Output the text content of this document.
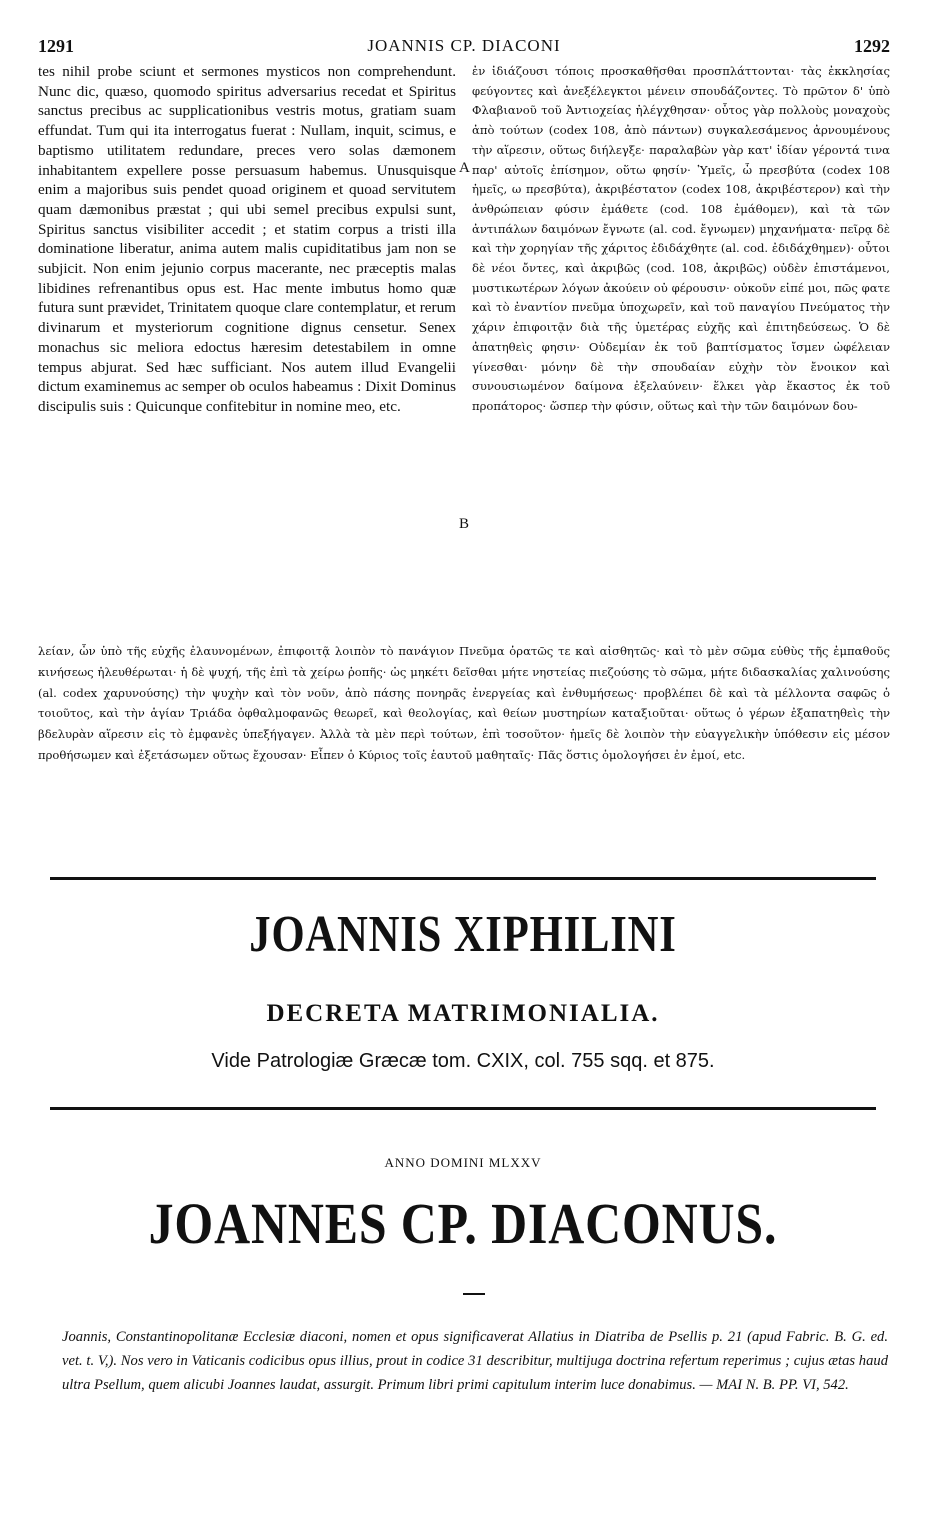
1291	JOANNIS CP. DIACONI	1292
tes nihil probe sciunt et sermones mysticos non comprehendunt. Nunc dic, quæso, quomodo spiritus adversarius recedat et Spiritus sanctus precibus ac supplicationibus vestris motus, gratiam suam effundat. Tum qui ita interrogatus fuerat : Nullam, inquit, scimus, e baptismo utilitatem redundare, preces vero solas dæmonem inhabitantem expellere posse persuasum habemus. Unusquisque enim a majoribus suis pendet quoad originem et quoad servitutem quam dæmonibus præstat ; qui ubi semel precibus expulsi sunt, Spiritus sanctus visibiliter accedit ; et statim corpus a tristi illa dominatione liberatur, anima autem malis cupiditatibus jam non se subjicit. Non enim jejunio corpus macerante, nec præceptis malas libidines refrenantibus opus est. Hac mente imbutus homo quæ futura sunt prævidet, Trinitatem quoque clare contemplatur, et rerum divinarum et mysteriorum cognitione dignus censetur. Senex monachus sic meliora edoctus hæresim detestabilem in omne tempus abjurat. Sed hæc sufficiant. Nos autem illud Evangelii dictum examinemus ac semper ob oculos habeamus : Dixit Dominus discipulis suis : Quicunque confitebitur in nomine meo, etc.
A
B
ἐν ἰδιάζουσι τόποις προσκαθῆσθαι προσπλάττονται· τὰς ἐκκλησίας φεύγοντες καὶ ἀνεξέλεγκτοι μένειν σπουδάζοντες. Τὸ πρῶτον δ' ὑπὸ Φλαβιανοῦ τοῦ Ἀντιοχείας ἠλέγχθησαν· οὗτος γὰρ πολλοὺς μοναχοὺς ἀπὸ τούτων (codex 108, ἀπὸ πάντων) συγκαλεσάμενος ἀρνουμένους τὴν αἵρεσιν, οὕτως διήλεγξε· παραλαβὼν γὰρ κατ' ἰδίαν γέροντά τινα παρ' αὐτοῖς ἐπίσημον, οὕτω φησίν· Ὑμεῖς, ὦ πρεσβύτα (codex 108 ἡμεῖς, ω πρεσβύτα), ἀκριβέστατον (codex 108, ἀκριβέστερον) καὶ τὴν ἀνθρώπειαν φύσιν ἐμάθετε (cod. 108 ἐμάθομεν), καὶ τὰ τῶν ἀντιπάλων δαιμόνων ἔγνωτε (al. cod. ἔγνωμεν) μηχανήματα· πεῖρᾳ δὲ καὶ τὴν χορηγίαν τῆς χάριτος ἐδιδάχθητε (al. cod. ἐδιδάχθημεν)· οὗτοι δὲ νέοι ὄντες, καὶ ἀκριβῶς (cod. 108, ἀκριβῶς) οὐδὲν ἐπιστάμενοι, μυστικωτέρων λόγων ἀκούειν οὐ φέρουσιν· οὐκοῦν εἰπέ μοι, πῶς φατε καὶ τὸ ἐναντίον πνεῦμα ὑποχωρεῖν, καὶ τοῦ παναγίου Πνεύματος τὴν χάριν ἐπιφοιτᾷν διὰ τῆς ὑμετέρας εὐχῆς καὶ ἐπιτηδεύσεως. Ὁ δὲ ἀπατηθεὶς φησιν· Οὐδεμίαν ἐκ τοῦ βαπτίσματος ἴσμεν ὠφέλειαν γίνεσθαι· μόνην δὲ τὴν σπουδαίαν εὐχὴν τὸν ἔνοικον καὶ συνουσιωμένον δαίμονα ἐξελαύνειν· ἕλκει γὰρ ἕκαστος ἐκ τοῦ προπάτορος· ὥσπερ τὴν φύσιν, οὕτως καὶ τὴν τῶν δαιμόνων δου-
λείαν, ὧν ὑπὸ τῆς εὐχῆς ἐλαυνομένων, ἐπιφοιτᾷ λοιπὸν τὸ πανάγιον Πνεῦμα ὁρατῶς τε καὶ αἰσθητῶς· καὶ τὸ μὲν σῶμα εὐθὺς τῆς ἐμπαθοῦς κινήσεως ἠλευθέρωται· ἡ δὲ ψυχή, τῆς ἐπὶ τὰ χείρω ῥοπῆς· ὡς μηκέτι δεῖσθαι μήτε νηστείας πιεζούσης τὸ σῶμα, μήτε διδασκαλίας χαλινούσης (al. codex χαρυνούσης) τὴν ψυχὴν καὶ τὸν νοῦν, ἀπὸ πάσης πονηρᾶς ἐνεργείας καὶ ἐνθυμήσεως· προβλέπει δὲ καὶ τὰ μέλλοντα σαφῶς ὁ τοιοῦτος, καὶ τὴν ἁγίαν Τριάδα ὀφθαλμοφανῶς θεωρεῖ, καὶ θεολογίας, καὶ θείων μυστηρίων καταξιοῦται· οὕτως ὁ γέρων ἐξαπατηθεὶς τὴν βδελυρὰν αἵρεσιν εἰς τὸ ἐμφανὲς ὑπεξήγαγεν. Ἀλλὰ τὰ μὲν περὶ τούτων, ἐπὶ τοσοῦτον· ἡμεῖς δὲ λοιπὸν τὴν εὐαγγελικὴν ὑπόθεσιν εἰς μέσον προθήσωμεν καὶ ἐξετάσωμεν οὕτως ἔχουσαν· Εἶπεν ὁ Κύριος τοῖς ἑαυτοῦ μαθηταῖς· Πᾶς ὅστις ὁμολογήσει ἐν ἐμοί, etc.
JOANNIS XIPHILINI
DECRETA MATRIMONIALIA.
Vide Patrologiæ Græcæ tom. CXIX, col. 755 sqq. et 875.
ANNO DOMINI MLXXV
JOANNES CP. DIACONUS.
Joannis, Constantinopolitanæ Ecclesiæ diaconi, nomen et opus significaverat Allatius in Diatriba de Psellis p. 21 (apud Fabric. B. G. ed. vet. t. V,). Nos vero in Vaticanis codicibus opus illius, prout in codice 31 describitur, multijuga doctrina refertum reperimus ; cujus ætas haud ultra Psellum, quem alicubi Joannes laudat, assurgit. Primum libri primi capitulum interim luce donabimus. — MAI N. B. PP. VI, 542.
